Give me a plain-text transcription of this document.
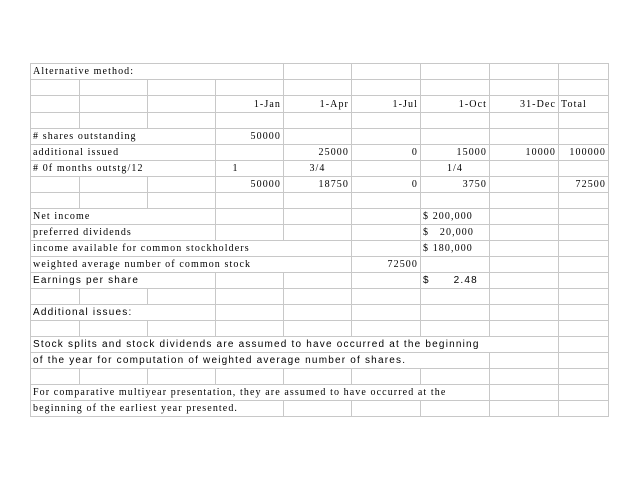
Alternative method:								

			1-Jan	1-Apr	1-Jul	1-Oct	31-Dec	Total

# shares outstanding			50000					
additional issued				25000	0	15000	10000	100000
# 0f months outstg/12			1	3/4		1/4		
			50000	18750	0	3750		72500

Net income						$ 200,000		
preferred dividends						$   20,000		
income available for common stockholders						$ 180,000		
weighted average number of common stock					72500			
Earnings per share						$      2.48		

Additional issues:								

Stock splits and stock dividends are assumed to have occurred at the beginning								
of the year for computation of weighted average number of shares.								

For comparative multiyear presentation, they are assumed to have occurred at the								
beginning of the earliest year presented.								
